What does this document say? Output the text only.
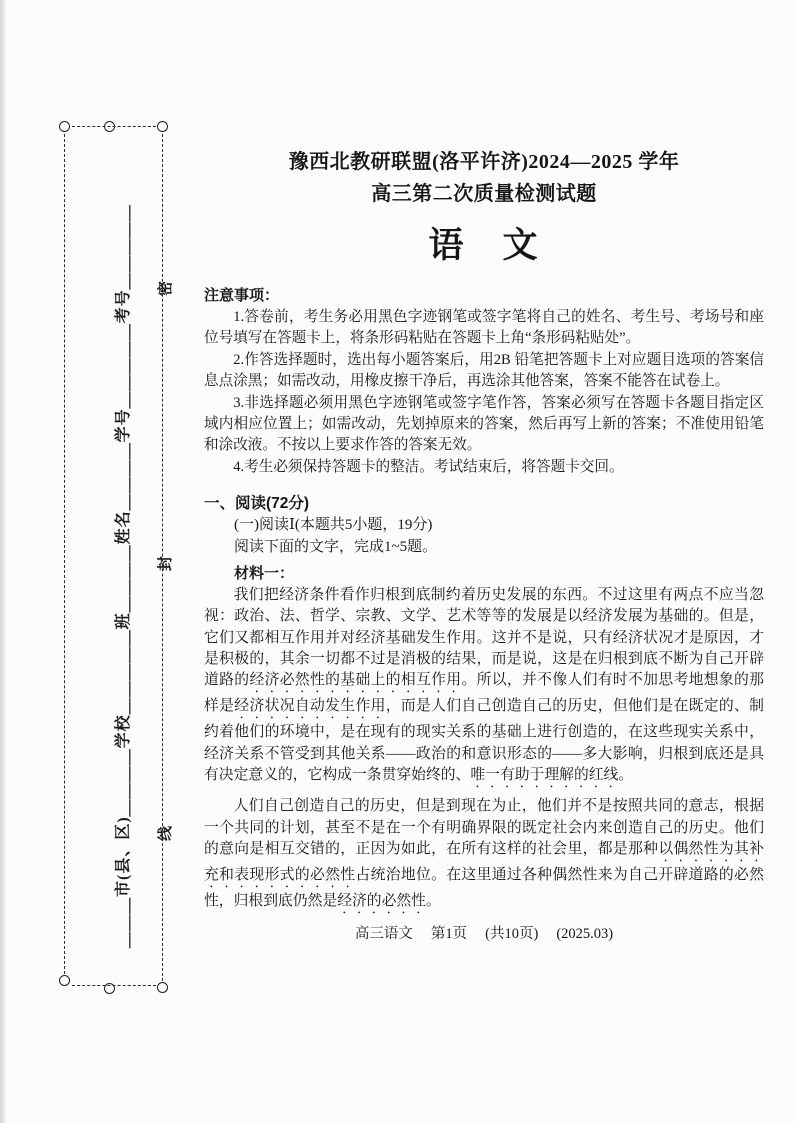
＿＿＿市(县、区)＿＿＿＿学校＿＿＿＿＿班＿＿＿＿姓名＿＿＿＿学号＿＿＿＿＿考号＿＿＿＿＿ 密
封
线

豫西北教研联盟(洛平许济)2024—2025 学年

高三第二次质量检测试题

语　文

注意事项：

1.答卷前，考生务必用黑色字迹钢笔或签字笔将自己的姓名、考生号、考场号和座位号填写在答题卡上，将条形码粘贴在答题卡上角“条形码粘贴处”。

2.作答选择题时，选出每小题答案后，用2B 铅笔把答题卡上对应题目选项的答案信息点涂黑；如需改动，用橡皮擦干净后，再选涂其他答案，答案不能答在试卷上。

3.非选择题必须用黑色字迹钢笔或签字笔作答，答案必须写在答题卡各题目指定区域内相应位置上；如需改动，先划掉原来的答案，然后再写上新的答案；不准使用铅笔和涂改液。不按以上要求作答的答案无效。

4.考生必须保持答题卡的整洁。考试结束后，将答题卡交回。

一、阅读(72分)

(一)阅读Ⅰ(本题共5小题，19分)

阅读下面的文字，完成1~5题。

材料一：

我们把经济条件看作归根到底制约着历史发展的东西。不过这里有两点不应当忽视：政治、法、哲学、宗教、文学、艺术等等的发展是以经济发展为基础的。但是，它们又都相互作用并对经济基础发生作用。这并不是说，只有经济状况才是原因，才是积极的，其余一切都不过是消极的结果，而是说，这是在归根到底不断为自己开辟道路的经济必然性的基础上的相互作用。所以，并不像人们有时不加思考地想象的那样是经济状况自动发生作用，而是人们自己创造自己的历史，但他们是在既定的、制约着他们的环境中，是在现有的现实关系的基础上进行创造的，在这些现实关系中，经济关系不管受到其他关系——政治的和意识形态的——多大影响，归根到底还是具有决定意义的，它构成一条贯穿始终的、唯一有助于理解的红线。

人们自己创造自己的历史，但是到现在为止，他们并不是按照共同的意志，根据一个共同的计划，甚至不是在一个有明确界限的既定社会内来创造自己的历史。他们的意向是相互交错的，正因为如此，在所有这样的社会里，都是那种以偶然性为其补充和表现形式的必然性占统治地位。在这里通过各种偶然性来为自己开辟道路的必然性，归根到底仍然是经济的必然性。

高三语文 第1页 (共10页) (2025.03)
